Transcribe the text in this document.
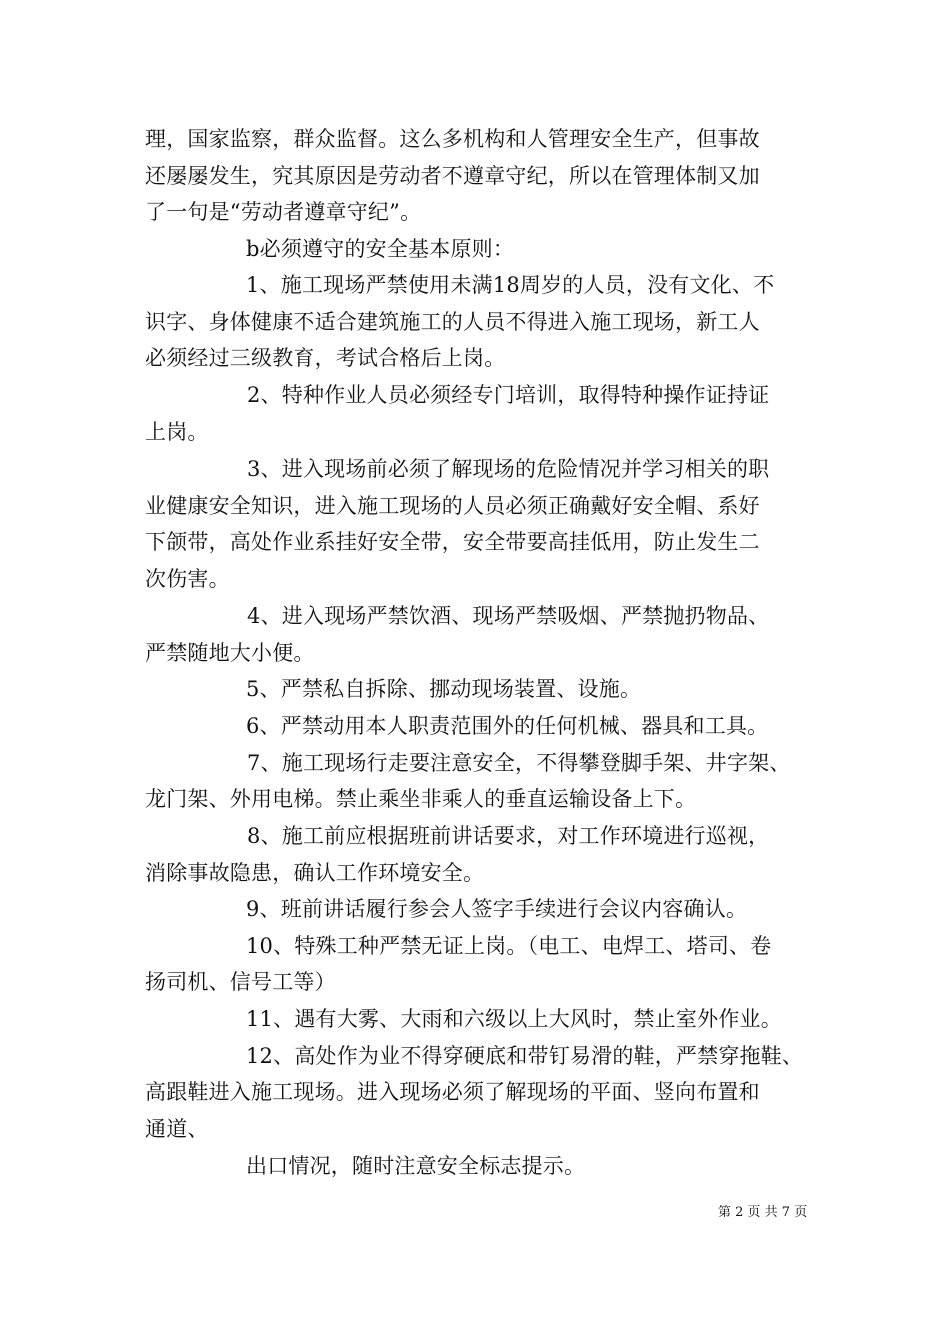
理，国家监察，群众监督。这么多机构和人管理安全生产，但事故
还屡屡发生，究其原因是劳动者不遵章守纪，所以在管理体制又加
了一句是“劳动者遵章守纪”。
b必须遵守的安全基本原则：
1、施工现场严禁使用未满18周岁的人员，没有文化、不
识字、身体健康不适合建筑施工的人员不得进入施工现场，新工人
必须经过三级教育，考试合格后上岗。
2、特种作业人员必须经专门培训，取得特种操作证持证
上岗。
3、进入现场前必须了解现场的危险情况并学习相关的职
业健康安全知识，进入施工现场的人员必须正确戴好安全帽、系好
下颌带，高处作业系挂好安全带，安全带要高挂低用，防止发生二
次伤害。
4、进入现场严禁饮酒、现场严禁吸烟、严禁抛扔物品、
严禁随地大小便。
5、严禁私自拆除、挪动现场装置、设施。
6、严禁动用本人职责范围外的任何机械、器具和工具。
7、施工现场行走要注意安全，不得攀登脚手架、井字架、
龙门架、外用电梯。禁止乘坐非乘人的垂直运输设备上下。
8、施工前应根据班前讲话要求，对工作环境进行巡视，
消除事故隐患，确认工作环境安全。
9、班前讲话履行参会人签字手续进行会议内容确认。
10、特殊工种严禁无证上岗。（电工、电焊工、塔司、卷
扬司机、信号工等）
11、遇有大雾、大雨和六级以上大风时，禁止室外作业。
12、高处作为业不得穿硬底和带钉易滑的鞋，严禁穿拖鞋、
高跟鞋进入施工现场。进入现场必须了解现场的平面、竖向布置和
通道、
出口情况，随时注意安全标志提示。
第 2 页 共 7 页
